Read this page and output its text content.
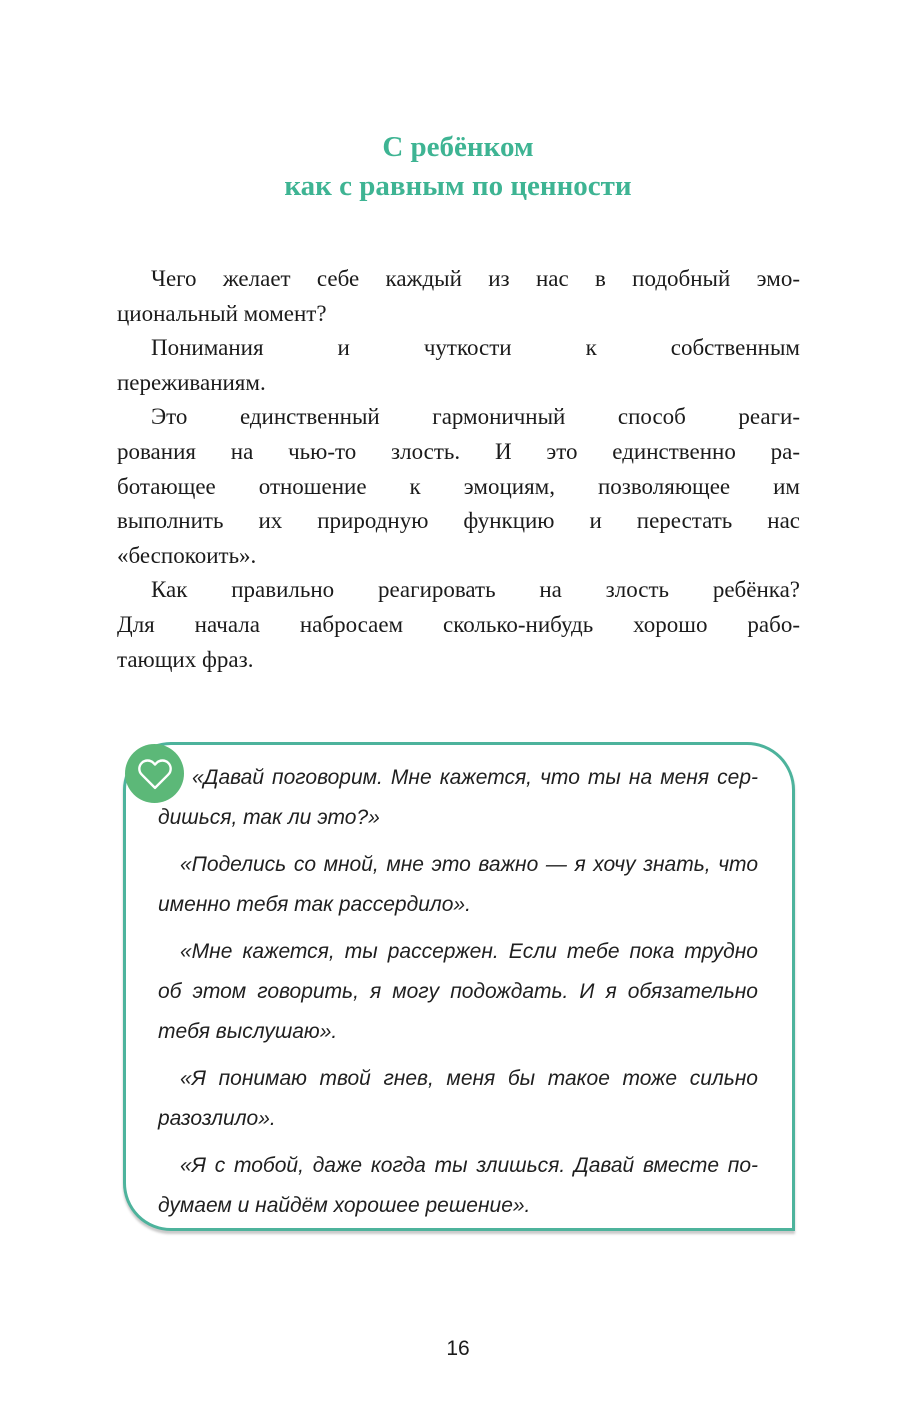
С ребёнком
как с равным по ценности

Чего желает себе каждый из нас в подобный эмо-
циональный момент?

Понимания и чуткости к собственным
переживаниям.

Это единственный гармоничный способ реаги-
рования на чью-то злость. И это единственно ра-
ботающее отношение к эмоциям, позволяющее им
выполнить их природную функцию и перестать нас
«беспокоить».

Как правильно реагировать на злость ребёнка?
Для начала набросаем сколько-нибудь хорошо рабо-
тающих фраз.

«Давай поговорим. Мне кажется, что ты на меня сер-
дишься, так ли это?»

«Поделись со мной, мне это важно — я хочу знать, что
именно тебя так рассердило».

«Мне кажется, ты рассержен. Если тебе пока трудно
об этом говорить, я могу подождать. И я обязательно
тебя выслушаю».

«Я понимаю твой гнев, меня бы такое тоже сильно
разозлило».

«Я с тобой, даже когда ты злишься. Давай вместе по-
думаем и найдём хорошее решение».

16
